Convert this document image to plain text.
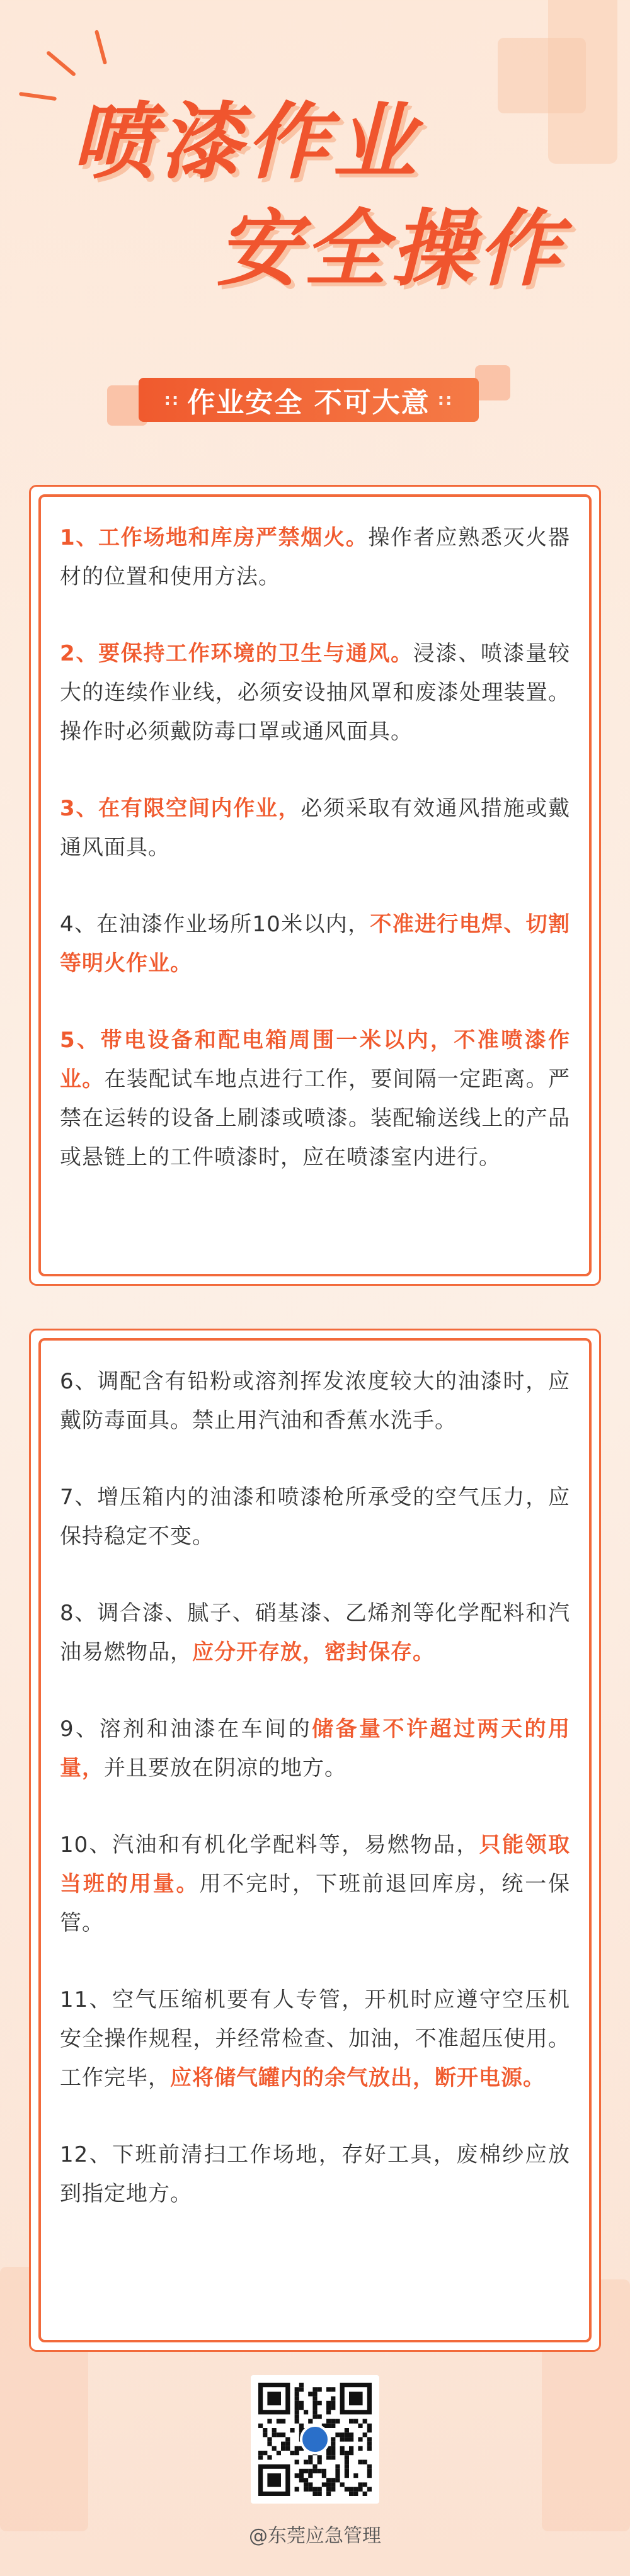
喷漆作业
安全操作
:: 作业安全 不可大意 ::
1、工作场地和库房严禁烟火。操作者应熟悉灭火器材的位置和使用方法。
2、要保持工作环境的卫生与通风。浸漆、喷漆量较大的连续作业线，必须安设抽风罩和废漆处理装置。操作时必须戴防毒口罩或通风面具。
3、在有限空间内作业，必须采取有效通风措施或戴通风面具。
4、在油漆作业场所10米以内，不准进行电焊、切割等明火作业。
5、带电设备和配电箱周围一米以内，不准喷漆作业。在装配试车地点进行工作，要间隔一定距离。严禁在运转的设备上刷漆或喷漆。装配输送线上的产品或悬链上的工件喷漆时，应在喷漆室内进行。
6、调配含有铅粉或溶剂挥发浓度较大的油漆时，应戴防毒面具。禁止用汽油和香蕉水洗手。
7、增压箱内的油漆和喷漆枪所承受的空气压力，应保持稳定不变。
8、调合漆、腻子、硝基漆、乙烯剂等化学配料和汽油易燃物品，应分开存放，密封保存。
9、溶剂和油漆在车间的储备量不许超过两天的用量，并且要放在阴凉的地方。
10、汽油和有机化学配料等，易燃物品，只能领取当班的用量。用不完时，下班前退回库房，统一保管。
11、空气压缩机要有人专管，开机时应遵守空压机安全操作规程，并经常检查、加油，不准超压使用。工作完毕，应将储气罐内的余气放出，断开电源。
12、下班前清扫工作场地，存好工具，废棉纱应放到指定地方。
@东莞应急管理
